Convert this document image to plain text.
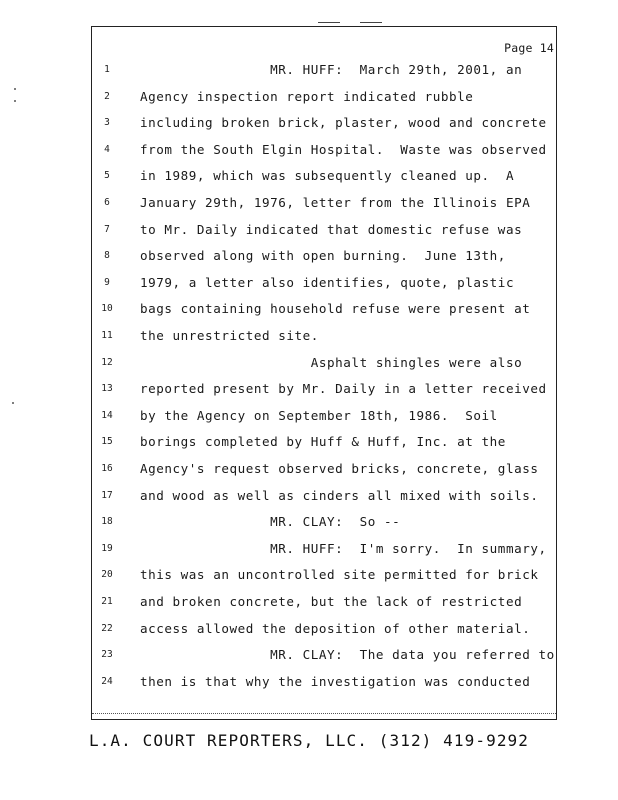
Page 14
1	MR. HUFF:  March 29th, 2001, an
2	Agency inspection report indicated rubble
3	including broken brick, plaster, wood and concrete
4	from the South Elgin Hospital.  Waste was observed
5	in 1989, which was subsequently cleaned up.  A
6	January 29th, 1976, letter from the Illinois EPA
7	to Mr. Daily indicated that domestic refuse was
8	observed along with open burning.  June 13th,
9	1979, a letter also identifies, quote, plastic
10	bags containing household refuse were present at
11	the unrestricted site.
12	Asphalt shingles were also
13	reported present by Mr. Daily in a letter received
14	by the Agency on September 18th, 1986.  Soil
15	borings completed by Huff & Huff, Inc. at the
16	Agency's request observed bricks, concrete, glass
17	and wood as well as cinders all mixed with soils.
18	MR. CLAY:  So --
19	MR. HUFF:  I'm sorry.  In summary,
20	this was an uncontrolled site permitted for brick
21	and broken concrete, but the lack of restricted
22	access allowed the deposition of other material.
23	MR. CLAY:  The data you referred to
24	then is that why the investigation was conducted
L.A. COURT REPORTERS, LLC. (312) 419-9292
